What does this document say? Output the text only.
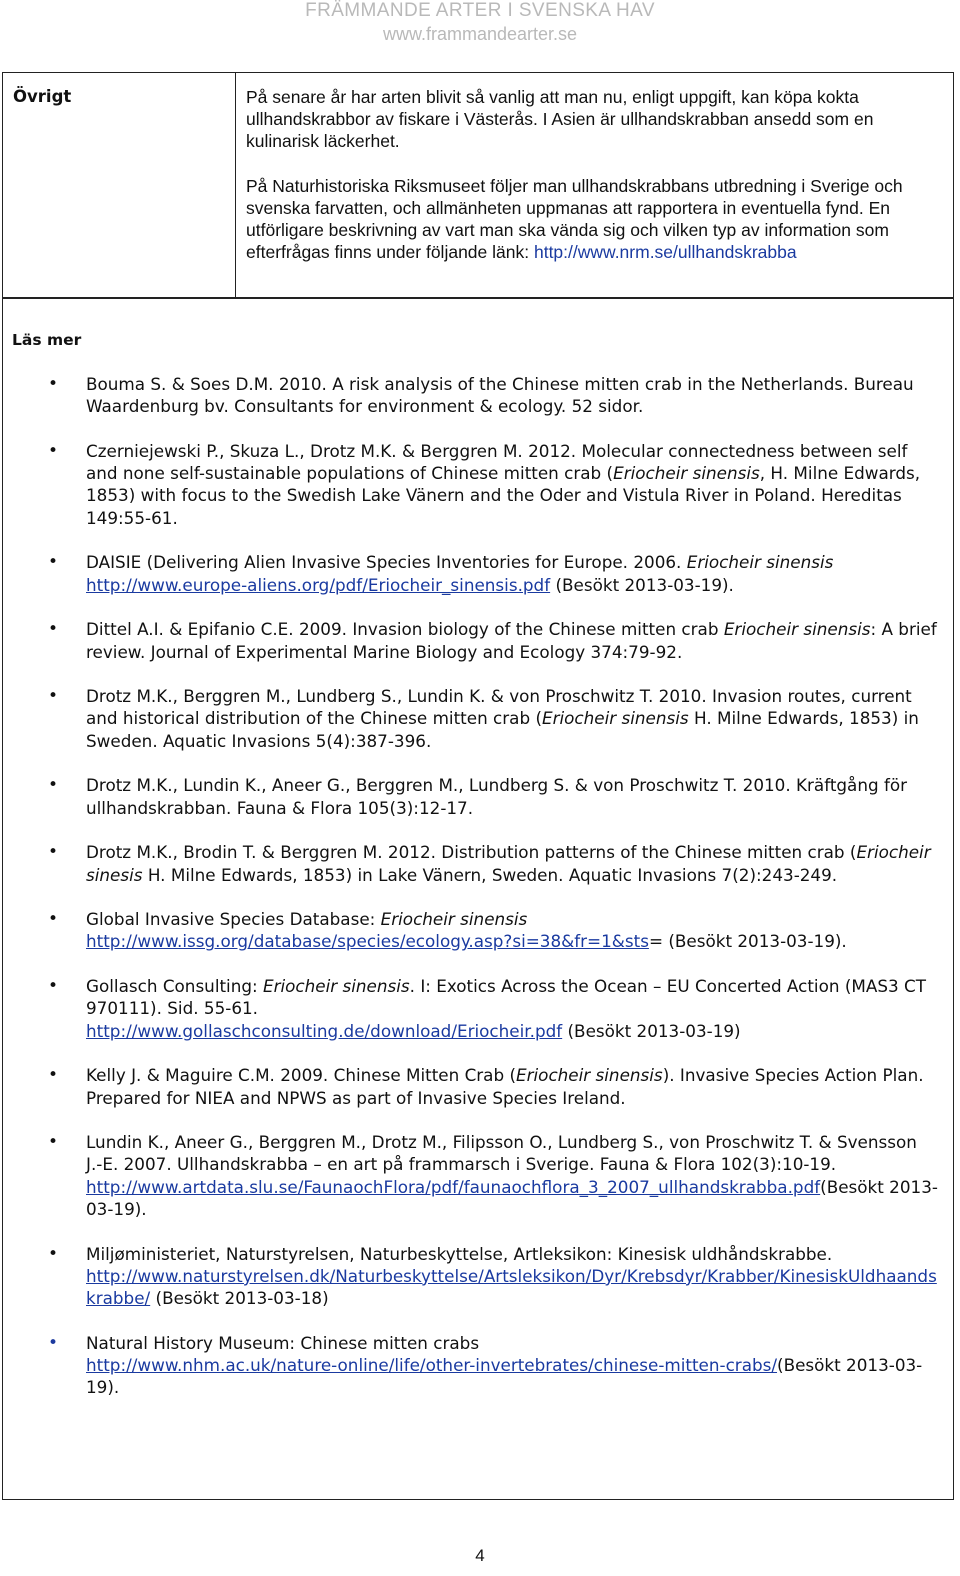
FRÄMMANDE ARTER I SVENSKA HAV
www.frammandearter.se
Övrigt	På senare år har arten blivit så vanlig att man nu, enligt uppgift, kan köpa kokta ullhandskrabbor av fiskare i Västerås. I Asien är ullhandskrabban ansedd som en kulinarisk läckerhet.

På Naturhistoriska Riksmuseet följer man ullhandskrabbans utbredning i Sverige och svenska farvatten, och allmänheten uppmanas att rapportera in eventuella fynd. En utförligare beskrivning av vart man ska vända sig och vilken typ av information som efterfrågas finns under följande länk: http://www.nrm.se/ullhandskrabba

Läs mer
• Bouma S. & Soes D.M. 2010. A risk analysis of the Chinese mitten crab in the Netherlands. Bureau Waardenburg bv. Consultants for environment & ecology. 52 sidor.
• Czerniejewski P., Skuza L., Drotz M.K. & Berggren M. 2012. Molecular connectedness between self and none self-sustainable populations of Chinese mitten crab (Eriocheir sinensis, H. Milne Edwards, 1853) with focus to the Swedish Lake Vänern and the Oder and Vistula River in Poland. Hereditas 149:55-61.
• DAISIE (Delivering Alien Invasive Species Inventories for Europe. 2006. Eriocheir sinensis
http://www.europe-aliens.org/pdf/Eriocheir_sinensis.pdf (Besökt 2013-03-19).
• Dittel A.I. & Epifanio C.E. 2009. Invasion biology of the Chinese mitten crab Eriocheir sinensis: A brief review. Journal of Experimental Marine Biology and Ecology 374:79-92.
• Drotz M.K., Berggren M., Lundberg S., Lundin K. & von Proschwitz T. 2010. Invasion routes, current and historical distribution of the Chinese mitten crab (Eriocheir sinensis H. Milne Edwards, 1853) in Sweden. Aquatic Invasions 5(4):387-396.
• Drotz M.K., Lundin K., Aneer G., Berggren M., Lundberg S. & von Proschwitz T. 2010. Kräftgång för ullhandskrabban. Fauna & Flora 105(3):12-17.
• Drotz M.K., Brodin T. & Berggren M. 2012. Distribution patterns of the Chinese mitten crab (Eriocheir sinesis H. Milne Edwards, 1853) in Lake Vänern, Sweden. Aquatic Invasions 7(2):243-249.
• Global Invasive Species Database: Eriocheir sinensis
http://www.issg.org/database/species/ecology.asp?si=38&fr=1&sts= (Besökt 2013-03-19).
• Gollasch Consulting: Eriocheir sinensis. I: Exotics Across the Ocean – EU Concerted Action (MAS3 CT 970111). Sid. 55-61.
http://www.gollaschconsulting.de/download/Eriocheir.pdf (Besökt 2013-03-19)
• Kelly J. & Maguire C.M. 2009. Chinese Mitten Crab (Eriocheir sinensis). Invasive Species Action Plan. Prepared for NIEA and NPWS as part of Invasive Species Ireland.
• Lundin K., Aneer G., Berggren M., Drotz M., Filipsson O., Lundberg S., von Proschwitz T. & Svensson J.-E. 2007. Ullhandskrabba – en art på frammarsch i Sverige. Fauna & Flora 102(3):10-19.
http://www.artdata.slu.se/FaunaochFlora/pdf/faunaochflora_3_2007_ullhandskrabba.pdf(Besökt 2013-03-19).
• Miljøministeriet, Naturstyrelsen, Naturbeskyttelse, Artleksikon: Kinesisk uldhåndskrabbe.
http://www.naturstyrelsen.dk/Naturbeskyttelse/Artsleksikon/Dyr/Krebsdyr/Krabber/KinesiskUldhaandskrabbe/ (Besökt 2013-03-18)
• Natural History Museum: Chinese mitten crabs
http://www.nhm.ac.uk/nature-online/life/other-invertebrates/chinese-mitten-crabs/(Besökt 2013-03-19).
4
